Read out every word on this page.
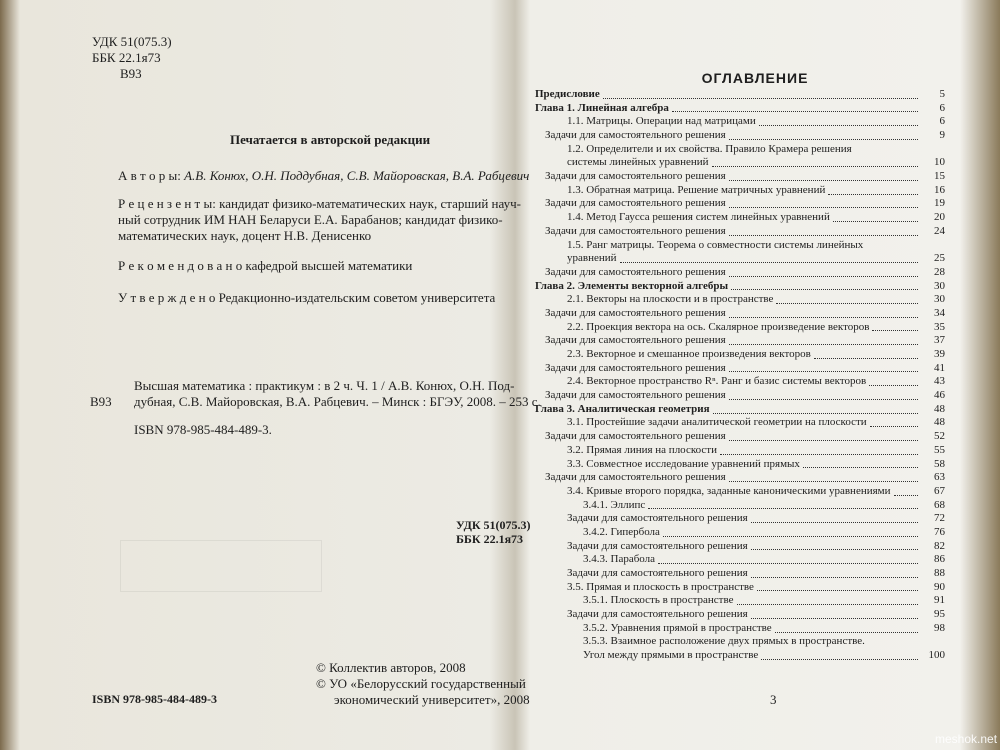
УДК 51(075.3)
ББК 22.1я73
В93
Печатается в авторской редакции
А в т о р ы: А.В. Конюх, О.Н. Поддубная, С.В. Майоровская, В.А. Рабцевич
Р е ц е н з е н т ы: кандидат физико-математических наук, старший науч-
ный сотрудник ИМ НАН Беларуси Е.А. Барабанов; кандидат физико-
математических наук, доцент Н.В. Денисенко
Р е к о м е н д о в а н о кафедрой высшей математики
У т в е р ж д е н о Редакционно-издательским советом университета
Высшая математика : практикум : в 2 ч. Ч. 1 / А.В. Конюх, О.Н. Под-
В93 дубная, С.В. Майоровская, В.А. Рабцевич. – Минск : БГЭУ, 2008. – 253 с.
ISBN 978-985-484-489-3.
УДК 51(075.3)
ББК 22.1я73
© Коллектив авторов, 2008
© УО «Белорусский государственный
экономический университет», 2008
ISBN 978-985-484-489-3
ОГЛАВЛЕНИЕ
Предисловие	5
Глава 1. Линейная алгебра	6
1.1. Матрицы. Операции над матрицами	6
Задачи для самостоятельного решения	9
1.2. Определители и их свойства. Правило Крамера решения
системы линейных уравнений	10
Задачи для самостоятельного решения	15
1.3. Обратная матрица. Решение матричных уравнений	16
Задачи для самостоятельного решения	19
1.4. Метод Гаусса решения систем линейных уравнений	20
Задачи для самостоятельного решения	24
1.5. Ранг матрицы. Теорема о совместности системы линейных
уравнений	25
Задачи для самостоятельного решения	28
Глава 2. Элементы векторной алгебры	30
2.1. Векторы на плоскости и в пространстве	30
Задачи для самостоятельного решения	34
2.2. Проекция вектора на ось. Скалярное произведение векторов	35
Задачи для самостоятельного решения	37
2.3. Векторное и смешанное произведения векторов	39
Задачи для самостоятельного решения	41
2.4. Векторное пространство Rⁿ. Ранг и базис системы векторов	43
Задачи для самостоятельного решения	46
Глава 3. Аналитическая геометрия	48
3.1. Простейшие задачи аналитической геометрии на плоскости	48
Задачи для самостоятельного решения	52
3.2. Прямая линия на плоскости	55
3.3. Совместное исследование уравнений прямых	58
Задачи для самостоятельного решения	63
3.4. Кривые второго порядка, заданные каноническими уравнениями	67
3.4.1. Эллипс	68
Задачи для самостоятельного решения	72
3.4.2. Гипербола	76
Задачи для самостоятельного решения	82
3.4.3. Парабола	86
Задачи для самостоятельного решения	88
3.5. Прямая и плоскость в пространстве	90
3.5.1. Плоскость в пространстве	91
Задачи для самостоятельного решения	95
3.5.2. Уравнения прямой в пространстве	98
3.5.3. Взаимное расположение двух прямых в пространстве.
Угол между прямыми в пространстве	100
3
meshok.net
